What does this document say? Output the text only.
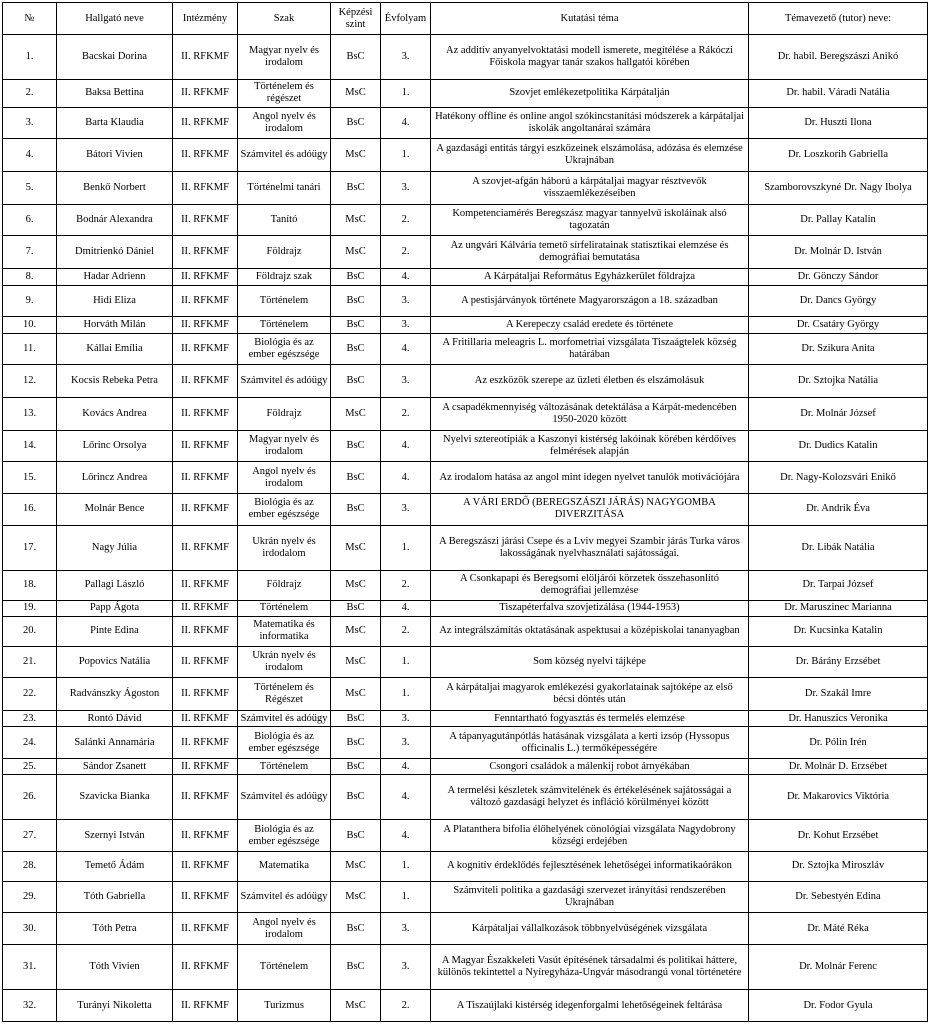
№	Hallgató neve	Intézmény	Szak	Képzési szint	Évfolyam	Kutatási téma	Témavezető (tutor) neve:
1.	Bacskai Dorina	II. RFKMF	Magyar nyelv és irodalom	BsC	3.	Az additív anyanyelvoktatási modell ismerete, megítélése a Rákóczi Főiskola magyar tanár szakos hallgatói körében	Dr. habil. Beregszászi Anikó
2.	Baksa Bettina	II. RFKMF	Történelem és régészet	MsC	1.	Szovjet emlékezetpolitika Kárpátalján	Dr. habil. Váradi Natália
3.	Barta Klaudia	II. RFKMF	Angol nyelv és irodalom	BsC	4.	Hatékony offline és online angol szókincstanítási módszerek a kárpátaljai iskolák angoltanárai számára	Dr. Huszti Ilona
4.	Bátori Vivien	II. RFKMF	Számvitel és adóügy	MsC	1.	A gazdasági entitás tárgyi eszközeinek elszámolása, adózása és elemzése Ukrajnában	Dr. Loszkorih Gabriella
5.	Benkő Norbert	II. RFKMF	Történelmi tanári	BsC	3.	A szovjet-afgán háború a kárpátaljai magyar résztvevők visszaemlékezéseiben	Szamborovszkyné Dr. Nagy Ibolya
6.	Bodnár Alexandra	II. RFKMF	Tanító	MsC	2.	Kompetenciamérés Beregszász magyar tannyelvű iskoláinak alsó tagozatán	Dr. Pallay Katalin
7.	Dmitrienkó Dániel	II. RFKMF	Földrajz	MsC	2.	Az ungvári Kálvária temető sírfeliratainak statisztikai elemzése és demográfiai bemutatása	Dr. Molnár D. István
8.	Hadar Adrienn	II. RFKMF	Földrajz szak	BsC	4.	A Kárpátaljai Református Egyházkerület földrajza	Dr. Gönczy Sándor
9.	Hidi Eliza	II. RFKMF	Történelem	BsC	3.	A pestisjárványok története Magyarországon a 18. században	Dr. Dancs György
10.	Horváth Milán	II. RFKMF	Történelem	BsC	3.	A Kerepeczy család eredete és története	Dr. Csatáry György
11.	Kállai Emília	II. RFKMF	Biológia és az ember egészsége	BsC	4.	A Fritillaria meleagris L. morfometriai vizsgálata Tiszaágtelek község határában	Dr. Szikura Anita
12.	Kocsis Rebeka Petra	II. RFKMF	Számvitel és adóügy	BsC	3.	Az eszközök szerepe az üzleti életben és elszámolásuk	Dr. Sztojka Natália
13.	Kovács Andrea	II. RFKMF	Földrajz	MsC	2.	A csapadékmennyiség változásának detektálása a Kárpát-medencében 1950-2020 között	Dr. Molnár József
14.	Lőrinc Orsolya	II. RFKMF	Magyar nyelv és irodalom	BsC	4.	Nyelvi sztereotípiák a Kaszonyi kistérség lakóinak körében kérdőíves felmérések alapján	Dr. Dudics Katalin
15.	Lőrincz Andrea	II. RFKMF	Angol nyelv és irodalom	BsC	4.	Az irodalom hatása az angol mint idegen nyelvet tanulók motivációjára	Dr. Nagy-Kolozsvári Enikő
16.	Molnár Bence	II. RFKMF	Biológia és az ember egészsége	BsC	3.	A VÁRI ERDŐ (BEREGSZÁSZI JÁRÁS) NAGYGOMBA DIVERZITÁSA	Dr. Andrik Éva
17.	Nagy Júlia	II. RFKMF	Ukrán nyelv és irdodalom	MsC	1.	A Beregszászi járási Csepe és a Lviv megyei Szambir járás Turka város lakosságának nyelvhasználati sajátosságai.	Dr. Libák Natália
18.	Pallagi László	II. RFKMF	Földrajz	MsC	2.	A Csonkapapi és Beregsomi elöljárói körzetek összehasonlító demográfiai jellemzése	Dr. Tarpai József
19.	Papp Ágota	II. RFKMF	Történelem	BsC	4.	Tiszapéterfalva szovjetizálása (1944-1953)	Dr. Maruszinec Marianna
20.	Pinte Edina	II. RFKMF	Matematika és informatika	MsC	2.	Az integrálszámítás oktatásának aspektusai a középiskolai tananyagban	Dr. Kucsinka Katalin
21.	Popovics Natália	II. RFKMF	Ukrán nyelv és irodalom	MsC	1.	Som község nyelvi tájképe	Dr. Bárány Erzsébet
22.	Radvánszky Ágoston	II. RFKMF	Történelem és Régészet	MsC	1.	A kárpátaljai magyarok emlékezési gyakorlatainak sajtóképe az első bécsi döntés után	Dr. Szakál Imre
23.	Rontó Dávid	II. RFKMF	Számvitel és adóügy	BsC	3.	Fenntartható fogyasztás és termelés elemzése	Dr. Hanuszics Veronika
24.	Salánki Annamária	II. RFKMF	Biológia és az ember egészsége	BsC	3.	A tápanyagutánpótlás hatásának vizsgálata a kerti izsóp (Hyssopus officinalis L.) termőképességére	Dr. Pólin Irén
25.	Sándor Zsanett	II. RFKMF	Történelem	BsC	4.	Csongori családok a málenkij robot árnyékában	Dr. Molnár D. Erzsébet
26.	Szavicka Bianka	II. RFKMF	Számvitel és adóügy	BsC	4.	A termelési készletek számvitelének és értékelésének sajátosságai a változó gazdasági helyzet és infláció körülményei között	Dr. Makarovics Viktória
27.	Szernyi István	II. RFKMF	Biológia és az ember egészsége	BsC	4.	A Platanthera bifolia élőhelyének cönológiai vizsgálata Nagydobrony községi erdejében	Dr. Kohut Erzsébet
28.	Temető Ádám	II. RFKMF	Matematika	MsC	1.	A kognitív érdeklődés fejlesztésének lehetőségei informatikaórákon	Dr. Sztojka Miroszláv
29.	Tóth Gabriella	II. RFKMF	Számvitel és adóügy	MsC	1.	Számviteli politika a gazdasági szervezet irányítási rendszerében Ukrajnában	Dr. Sebestyén Edina
30.	Tóth Petra	II. RFKMF	Angol nyelv és irodalom	BsC	3.	Kárpátaljai vállalkozások többnyelvűségének vizsgálata	Dr. Máté Réka
31.	Tóth Vivien	II. RFKMF	Történelem	BsC	3.	A Magyar Északkeleti Vasút építésének társadalmi és politikai háttere, különös tekintettel a Nyíregyháza-Ungvár másodrangú vonal történetére	Dr. Molnár Ferenc
32.	Turányi Nikoletta	II. RFKMF	Turizmus	MsC	2.	A Tiszaújlaki kistérség idegenforgalmi lehetőségeinek feltárása	Dr. Fodor Gyula
